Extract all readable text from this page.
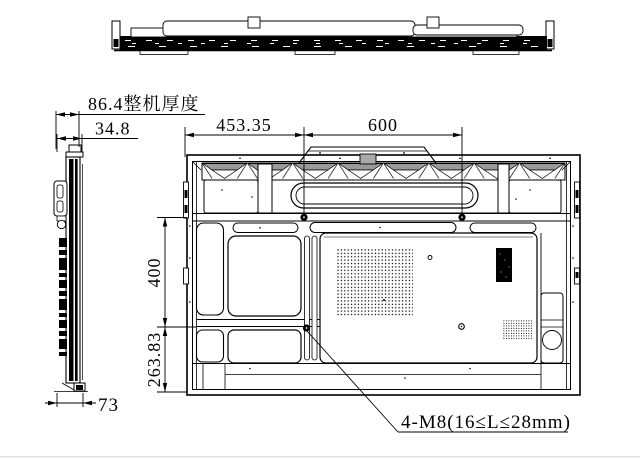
86.4整机厚度
34.8	453.35	600
400
263.83
73
4-M8(16≤L≤28mm)
